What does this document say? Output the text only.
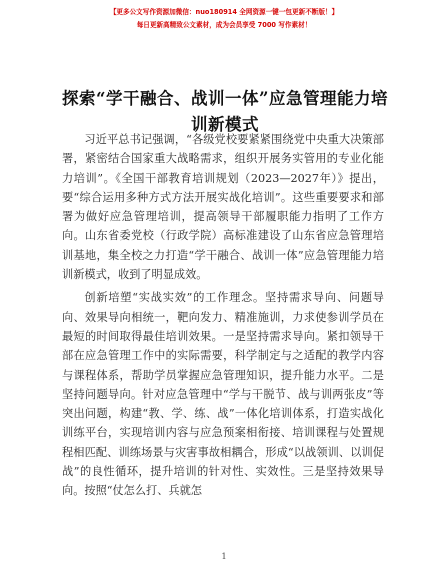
【更多公文写作资源加微信：nuo180914 全网资源一键一包更新不断版！】
每日更新高精致公文素材，成为会员享受 7000 写作素材！
探索“学干融合、战训一体”应急管理能力培训新模式

习近平总书记强调，“各级党校要紧紧围绕党中央重大决策部署，紧密结合国家重大战略需求，组织开展务实管用的专业化能力培训”。《全国干部教育培训规划（2023—2027年）》提出，要“综合运用多种方式方法开展实战化培训”。这些重要要求和部署为做好应急管理培训，提高领导干部履职能力指明了工作方向。山东省委党校（行政学院）高标准建设了山东省应急管理培训基地，集全校之力打造“学干融合、战训一体”应急管理能力培训新模式，收到了明显成效。

创新培塑“实战实效”的工作理念。坚持需求导向、问题导向、效果导向相统一，靶向发力、精准施训，力求使参训学员在最短的时间取得最佳培训效果。一是坚持需求导向。紧扣领导干部在应急管理工作中的实际需要，科学制定与之适配的教学内容与课程体系，帮助学员掌握应急管理知识，提升能力水平。二是坚持问题导向。针对应急管理中“学与干脱节、战与训两张皮”等突出问题，构建“教、学、练、战”一体化培训体系，打造实战化训练平台，实现培训内容与应急预案相衔接、培训课程与处置规程相匹配、训练场景与灾害事故相耦合，形成“以战领训、以训促战”的良性循环，提升培训的针对性、实效性。三是坚持效果导向。按照“仗怎么打、兵就怎

1
